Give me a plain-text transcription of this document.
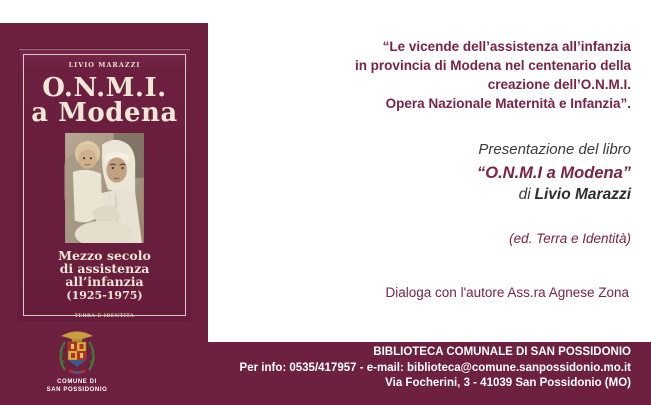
LIVIO MARAZZI
O.N.M.I.
a Modena
Mezzo secolo
di assistenza all’infanzia
(1925-1975)
TERRA E IDENTITÀ
COMUNE DI
SAN POSSIDONIO
“Le vicende dell’assistenza all’infanzia
in provincia di Modena nel centenario della
creazione dell’O.N.M.I.
Opera Nazionale Maternità e Infanzia”.
Presentazione del libro
“O.N.M.I a Modena”
di Livio Marazzi
(ed. Terra e Identità)
Dialoga con l'autore Ass.ra Agnese Zona
BIBLIOTECA COMUNALE DI SAN POSSIDONIO
Per info: 0535/417957 - e-mail: biblioteca@comune.sanpossidonio.mo.it
Via Focherini, 3 - 41039 San Possidonio (MO)
